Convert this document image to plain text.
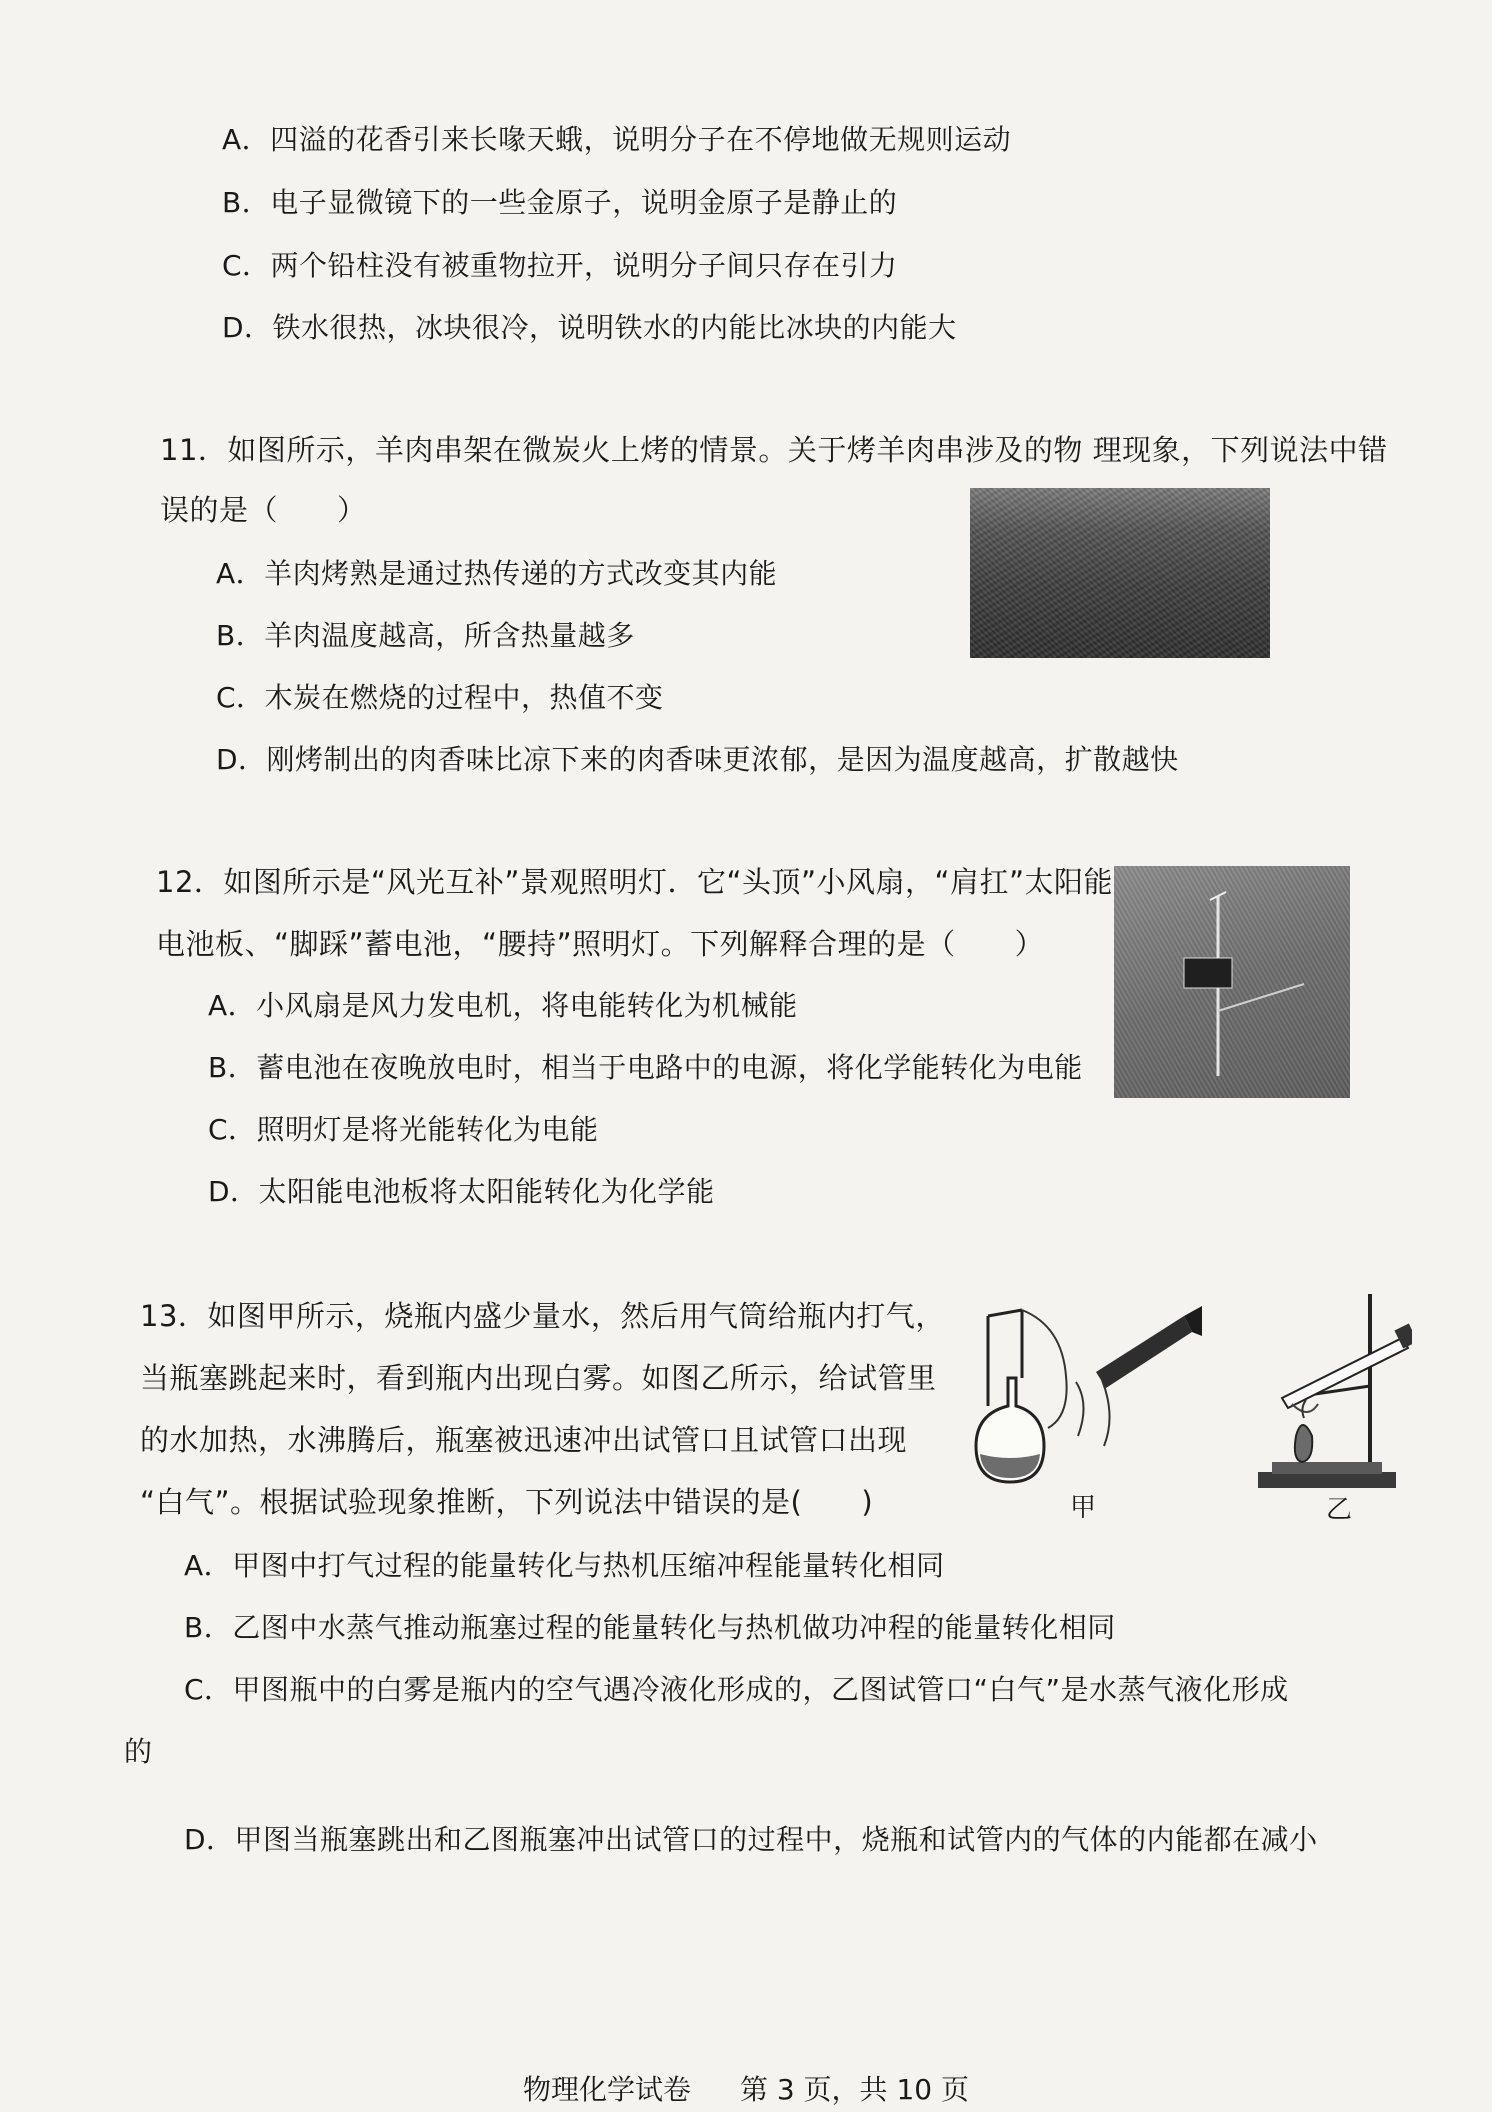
A．四溢的花香引来长喙天蛾，说明分子在不停地做无规则运动
B．电子显微镜下的一些金原子，说明金原子是静止的
C．两个铅柱没有被重物拉开，说明分子间只存在引力
D．铁水很热，冰块很冷，说明铁水的内能比冰块的内能大
11．如图所示，羊肉串架在微炭火上烤的情景。关于烤羊肉串涉及的物 理现象，下列说法中错
误的是（　　）
A．羊肉烤熟是通过热传递的方式改变其内能
B．羊肉温度越高，所含热量越多
C．木炭在燃烧的过程中，热值不变
D．刚烤制出的肉香味比凉下来的肉香味更浓郁，是因为温度越高，扩散越快
12．如图所示是“风光互补”景观照明灯．它“头顶”小风扇，“肩扛”太阳能
电池板、“脚踩”蓄电池，“腰持”照明灯。下列解释合理的是（　　）
A．小风扇是风力发电机，将电能转化为机械能
B．蓄电池在夜晚放电时，相当于电路中的电源，将化学能转化为电能
C．照明灯是将光能转化为电能
D．太阳能电池板将太阳能转化为化学能
13．如图甲所示，烧瓶内盛少量水，然后用气筒给瓶内打气，
当瓶塞跳起来时，看到瓶内出现白雾。如图乙所示，给试管里
的水加热，水沸腾后，瓶塞被迅速冲出试管口且试管口出现
“白气”。根据试验现象推断，下列说法中错误的是(　　)	甲	乙
A．甲图中打气过程的能量转化与热机压缩冲程能量转化相同
B．乙图中水蒸气推动瓶塞过程的能量转化与热机做功冲程的能量转化相同
C．甲图瓶中的白雾是瓶内的空气遇冷液化形成的，乙图试管口“白气”是水蒸气液化形成
的
D．甲图当瓶塞跳出和乙图瓶塞冲出试管口的过程中，烧瓶和试管内的气体的内能都在减小
物理化学试卷 第 3 页，共 10 页
